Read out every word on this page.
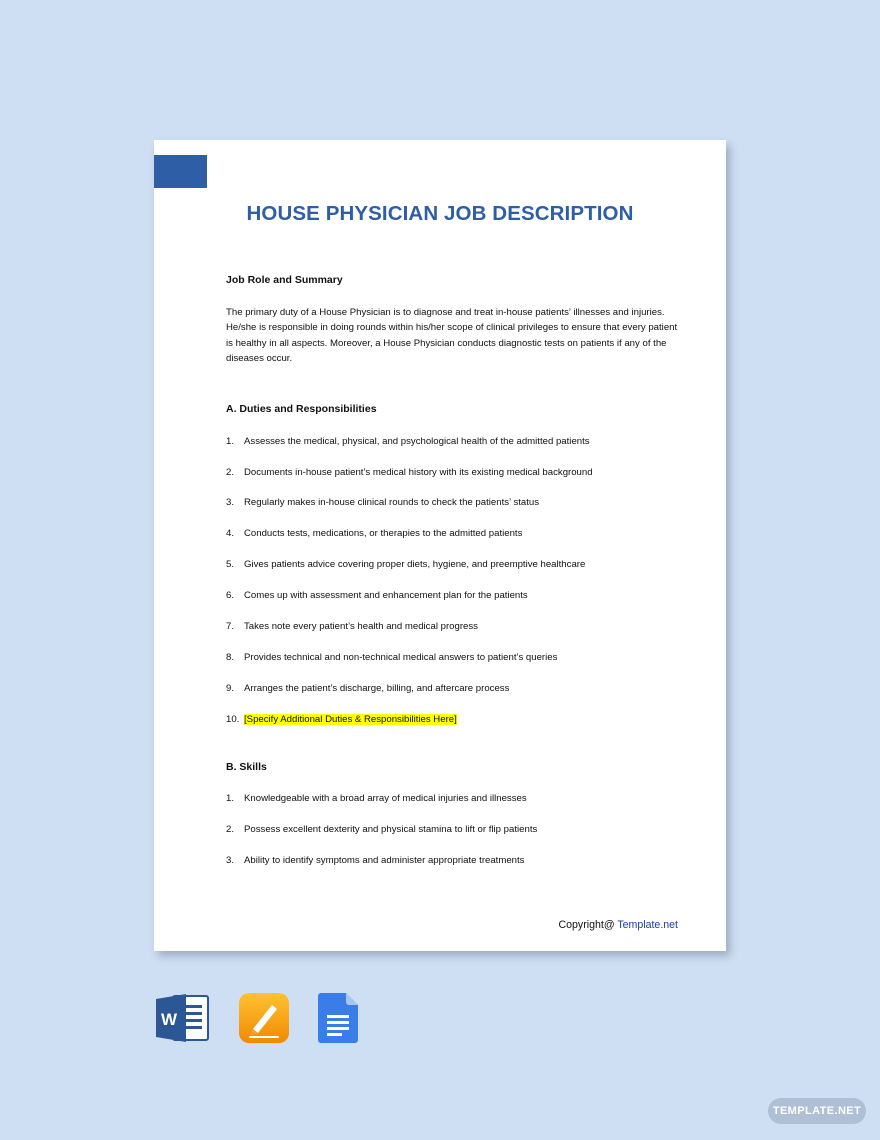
HOUSE PHYSICIAN JOB DESCRIPTION
Job Role and Summary
The primary duty of a House Physician is to diagnose and treat in-house patients’ illnesses and injuries. He/she is responsible in doing rounds within his/her scope of clinical privileges to ensure that every patient is healthy in all aspects. Moreover, a House Physician conducts diagnostic tests on patients if any of the diseases occur.
A. Duties and Responsibilities
1. Assesses the medical, physical, and psychological health of the admitted patients
2. Documents in-house patient’s medical history with its existing medical background
3. Regularly makes in-house clinical rounds to check the patients’ status
4. Conducts tests, medications, or therapies to the admitted patients
5. Gives patients advice covering proper diets, hygiene, and preemptive healthcare
6. Comes up with assessment and enhancement plan for the patients
7. Takes note every patient’s health and medical progress
8. Provides technical and non-technical medical answers to patient’s queries
9. Arranges the patient’s discharge, billing, and aftercare process
10. [Specify Additional Duties & Responsibilities Here]
B. Skills
1. Knowledgeable with a broad array of medical injuries and illnesses
2. Possess excellent dexterity and physical stamina to lift or flip patients
3. Ability to identify symptoms and administer appropriate treatments
Copyright@ Template.net
W
TEMPLATE.NET
